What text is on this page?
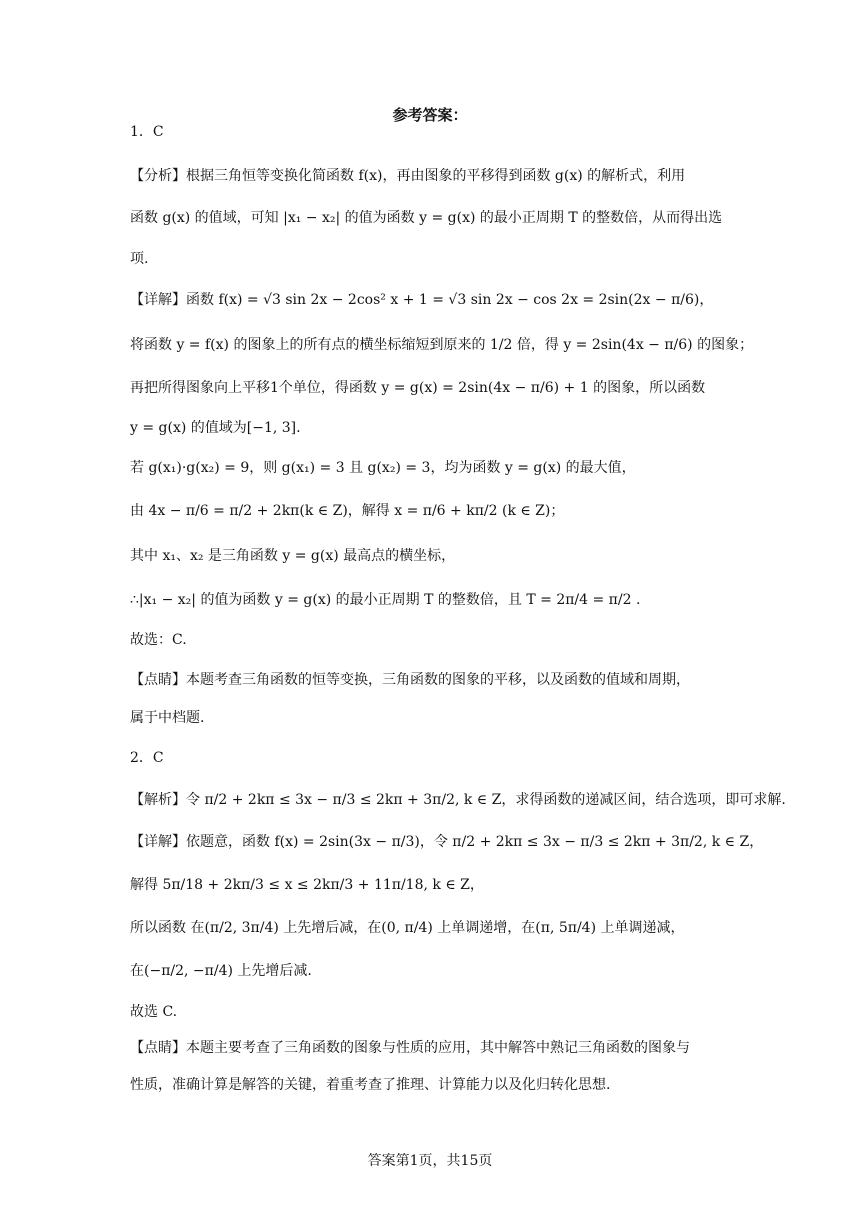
参考答案：
1．C
【分析】根据三角恒等变换化简函数 f(x)，再由图象的平移得到函数 g(x) 的解析式，利用
函数 g(x) 的值域，可知 |x₁ − x₂| 的值为函数 y = g(x) 的最小正周期 T 的整数倍，从而得出选
项.
【详解】函数 f(x) = √3 sin 2x − 2cos² x + 1 = √3 sin 2x − cos 2x = 2sin(2x − π/6)，
将函数 y = f(x) 的图象上的所有点的横坐标缩短到原来的 1/2 倍，得 y = 2sin(4x − π/6) 的图象；
再把所得图象向上平移1个单位，得函数 y = g(x) = 2sin(4x − π/6) + 1 的图象，所以函数
y = g(x) 的值域为[−1, 3].
若 g(x₁)·g(x₂) = 9，则 g(x₁) = 3 且 g(x₂) = 3，均为函数 y = g(x) 的最大值，
由 4x − π/6 = π/2 + 2kπ(k ∈ Z)，解得 x = π/6 + kπ/2 (k ∈ Z)；
其中 x₁、x₂ 是三角函数 y = g(x) 最高点的横坐标，
∴|x₁ − x₂| 的值为函数 y = g(x) 的最小正周期 T 的整数倍，且 T = 2π/4 = π/2 .
故选：C.
【点睛】本题考查三角函数的恒等变换，三角函数的图象的平移，以及函数的值域和周期，
属于中档题.
2．C
【解析】令 π/2 + 2kπ ≤ 3x − π/3 ≤ 2kπ + 3π/2, k ∈ Z，求得函数的递减区间，结合选项，即可求解.
【详解】依题意，函数 f(x) = 2sin(3x − π/3)，令 π/2 + 2kπ ≤ 3x − π/3 ≤ 2kπ + 3π/2, k ∈ Z，
解得 5π/18 + 2kπ/3 ≤ x ≤ 2kπ/3 + 11π/18, k ∈ Z，
所以函数 在(π/2, 3π/4) 上先增后减，在(0, π/4) 上单调递增，在(π, 5π/4) 上单调递减，
在(−π/2, −π/4) 上先增后减.
故选 C.
【点睛】本题主要考查了三角函数的图象与性质的应用，其中解答中熟记三角函数的图象与
性质，准确计算是解答的关键，着重考查了推理、计算能力以及化归转化思想.
答案第1页，共15页
